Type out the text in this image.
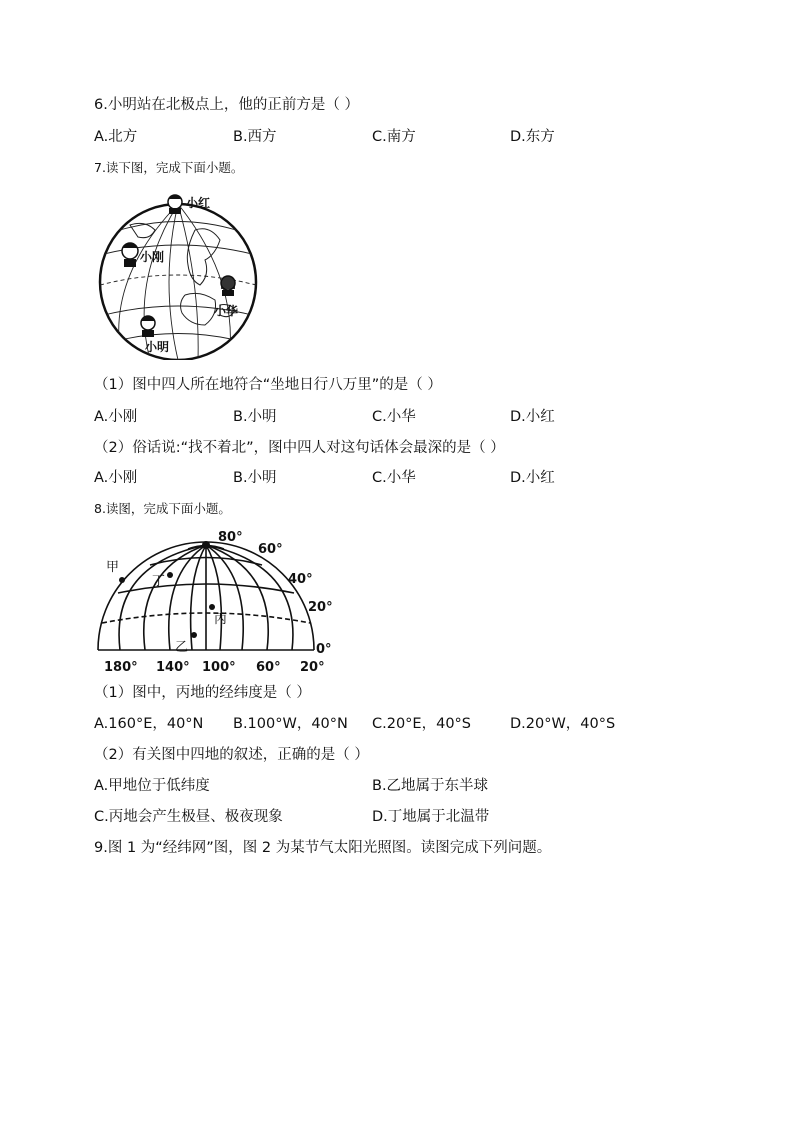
6.小明站在北极点上，他的正前方是（ ）
A.北方	B.西方	C.南方	D.东方
7.读下图，完成下面小题。
小红
小刚
小华
小明
（1）图中四人所在地符合“坐地日行八万里”的是（ ）
A.小刚	B.小明	C.小华	D.小红
（2）俗话说:“找不着北”，图中四人对这句话体会最深的是（ ）
A.小刚	B.小明	C.小华	D.小红
8.读图，完成下面小题。
甲
丁
丙
乙
80°
60°
40°
20°
0°
180° 140° 100° 60° 20°
（1）图中，丙地的经纬度是（ ）
A.160°E，40°N B.100°W，40°N C.20°E，40°S	D.20°W，40°S
（2）有关图中四地的叙述，正确的是（ ）
A.甲地位于低纬度	B.乙地属于东半球
C.丙地会产生极昼、极夜现象	D.丁地属于北温带
9.图 1 为“经纬网”图，图 2 为某节气太阳光照图。读图完成下列问题。
